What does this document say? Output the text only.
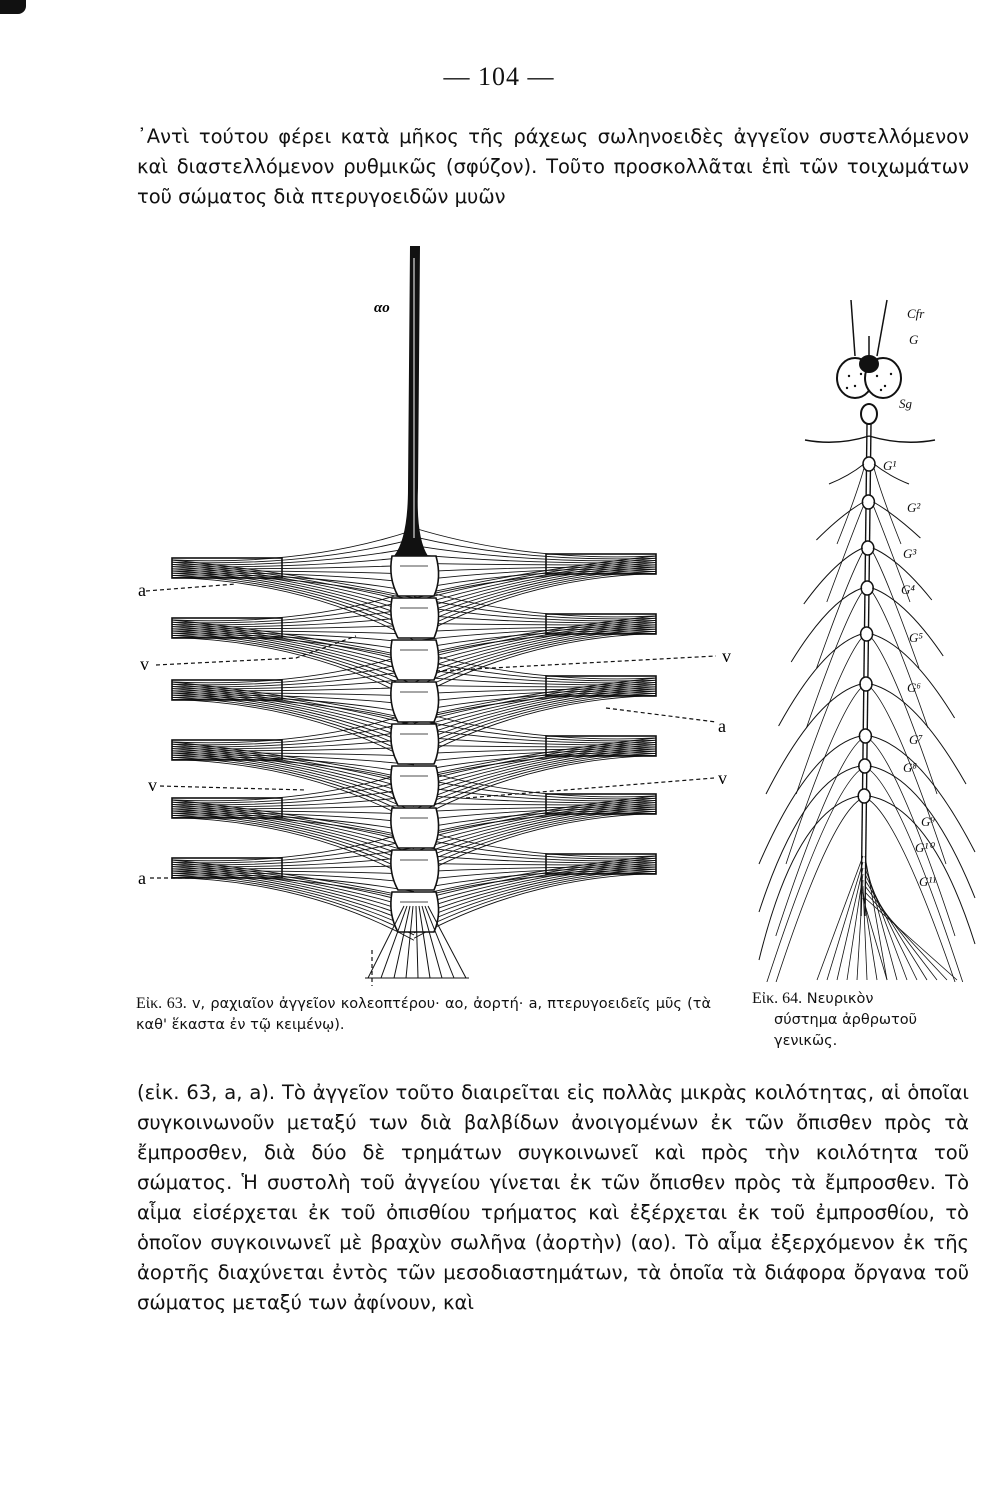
— 104 —

᾿Αντὶ τούτου φέρει κατὰ μῆκος τῆς ράχεως σωληνοειδὲς ἀγγεῖον συστελλόμενον καὶ διαστελλόμενον ρυθμικῶς (σφύζον). Τοῦτο προσκολλᾶται ἐπὶ τῶν τοιχωμάτων τοῦ σώματος διὰ πτερυγοειδῶν μυῶν

αο
a
v	v
a
v	v
a
Cfr
G
Sg
G¹
G²
G³
G⁴
G⁵
G⁶
G⁷
G⁸
G⁹
G¹⁰
G¹¹
Εἰκ. 63. v, ραχιαῖον ἀγγεῖον κολεοπτέρου· αο, ἀορτή· a, πτερυγοειδεῖς μῦς (τὰ καθ' ἕκαστα ἐν τῷ κειμένῳ).
Εἰκ. 64. Νευρικὸν
σύστημα ἀρθρωτοῦ
γενικῶς.

(εἰκ. 63, a, a). Τὸ ἀγγεῖον τοῦτο διαιρεῖται εἰς πολλὰς μικρὰς κοιλότητας, αἱ ὁποῖαι συγκοινωνοῦν μεταξύ των διὰ βαλβίδων ἀνοιγομένων ἐκ τῶν ὄπισθεν πρὸς τὰ ἔμπροσθεν, διὰ δύο δὲ τρημάτων συγκοινωνεῖ καὶ πρὸς τὴν κοιλότητα τοῦ σώματος. Ἡ συστολὴ τοῦ ἀγγείου γίνεται ἐκ τῶν ὄπισθεν πρὸς τὰ ἔμπροσθεν. Τὸ αἷμα εἰσέρχεται ἐκ τοῦ ὀπισθίου τρήματος καὶ ἐξέρχεται ἐκ τοῦ ἐμπροσθίου, τὸ ὁποῖον συγκοινωνεῖ μὲ βραχὺν σωλῆνα (ἀορτὴν) (αο). Τὸ αἷμα ἐξερχόμενον ἐκ τῆς ἀορτῆς διαχύνεται ἐντὸς τῶν μεσοδιαστημάτων, τὰ ὁποῖα τὰ διάφορα ὄργανα τοῦ σώματος μεταξύ των ἀφίνουν, καὶ
